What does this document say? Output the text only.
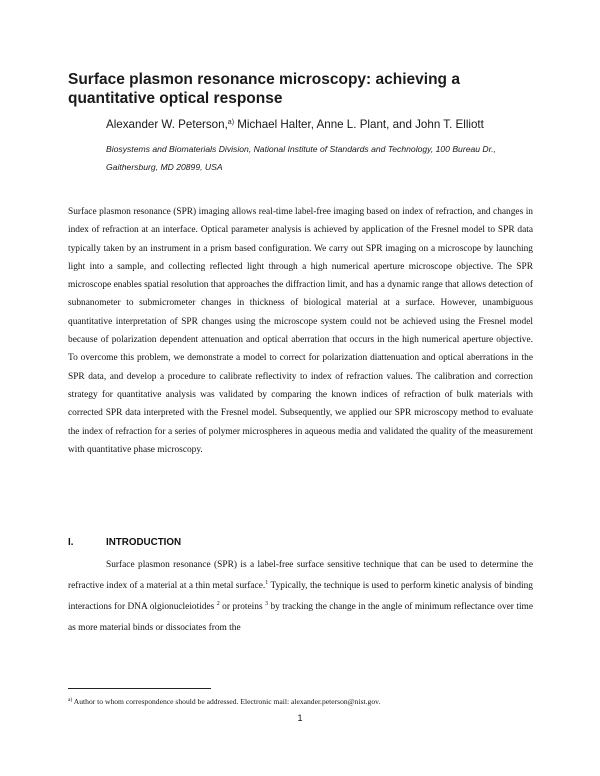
Surface plasmon resonance microscopy: achieving a quantitative optical response
Alexander W. Peterson,$^{a)}$ Michael Halter, Anne L. Plant, and John T. Elliott
Biosystems and Biomaterials Division, National Institute of Standards and Technology, 100 Bureau Dr., Gaithersburg, MD 20899, USA

Surface plasmon resonance (SPR) imaging allows real-time label-free imaging based on index of refraction, and changes in index of refraction at an interface. Optical parameter analysis is achieved by application of the Fresnel model to SPR data typically taken by an instrument in a prism based configuration. We carry out SPR imaging on a microscope by launching light into a sample, and collecting reflected light through a high numerical aperture microscope objective. The SPR microscope enables spatial resolution that approaches the diffraction limit, and has a dynamic range that allows detection of subnanometer to submicrometer changes in thickness of biological material at a surface. However, unambiguous quantitative interpretation of SPR changes using the microscope system could not be achieved using the Fresnel model because of polarization dependent attenuation and optical aberration that occurs in the high numerical aperture objective. To overcome this problem, we demonstrate a model to correct for polarization diattenuation and optical aberrations in the SPR data, and develop a procedure to calibrate reflectivity to index of refraction values. The calibration and correction strategy for quantitative analysis was validated by comparing the known indices of refraction of bulk materials with corrected SPR data interpreted with the Fresnel model. Subsequently, we applied our SPR microscopy method to evaluate the index of refraction for a series of polymer microspheres in aqueous media and validated the quality of the measurement with quantitative phase microscopy.

I.	INTRODUCTION

Surface plasmon resonance (SPR) is a label-free surface sensitive technique that can be used to determine the refractive index of a material at a thin metal surface.$^1$ Typically, the technique is used to perform kinetic analysis of binding interactions for DNA olgionucleiotides $^2$ or proteins $^3$ by tracking the change in the angle of minimum reflectance over time as more material binds or dissociates from the

$^{a)}$ Author to whom correspondence should be addressed. Electronic mail: alexander.peterson@nist.gov.
1
